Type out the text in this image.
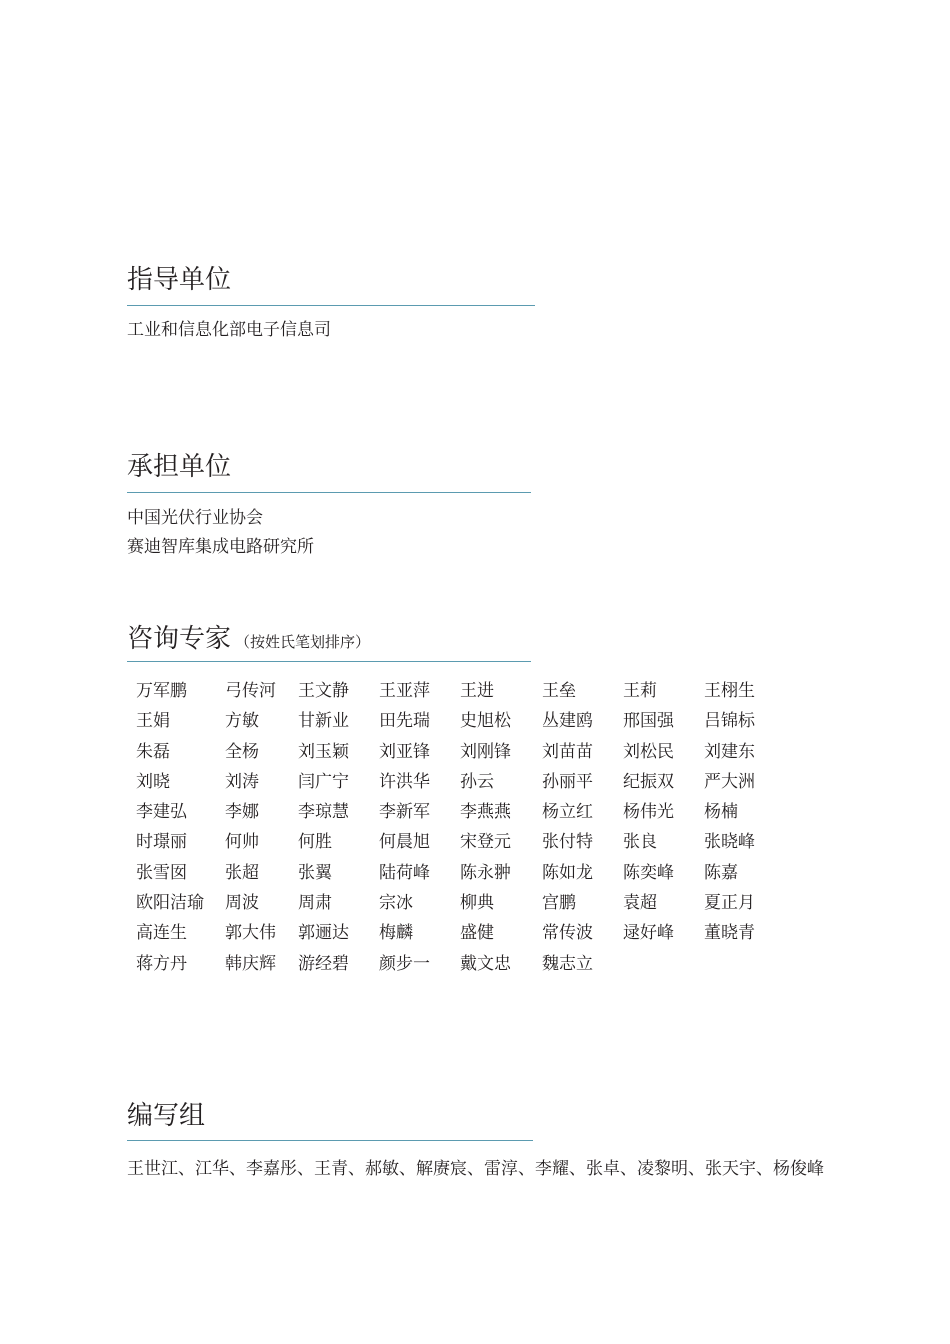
指导单位
工业和信息化部电子信息司
承担单位
中国光伏行业协会
赛迪智库集成电路研究所
咨询专家 （按姓氏笔划排序）
万军鹏	弓传河	王文静	王亚萍	王进	王垒	王莉	王栩生
王娟	方敏	甘新业	田先瑞	史旭松	丛建鸥	邢国强	吕锦标
朱磊	全杨	刘玉颖	刘亚锋	刘刚锋	刘苗苗	刘松民	刘建东
刘晓	刘涛	闫广宁	许洪华	孙云	孙丽平	纪振双	严大洲
李建弘	李娜	李琼慧	李新军	李燕燕	杨立红	杨伟光	杨楠
时璟丽	何帅	何胜	何晨旭	宋登元	张付特	张良	张晓峰
张雪囡	张超	张翼	陆荷峰	陈永翀	陈如龙	陈奕峰	陈嘉
欧阳洁瑜	周波	周肃	宗冰	柳典	宫鹏	袁超	夏正月
高连生	郭大伟	郭逦达	梅麟	盛健	常传波	逯好峰	董晓青
蒋方丹	韩庆辉	游经碧	颜步一	戴文忠	魏志立
编写组
王世江、江华、李嘉彤、王青、郝敏、解赓宸、雷淳、李耀、张卓、凌黎明、张天宇、杨俊峰
